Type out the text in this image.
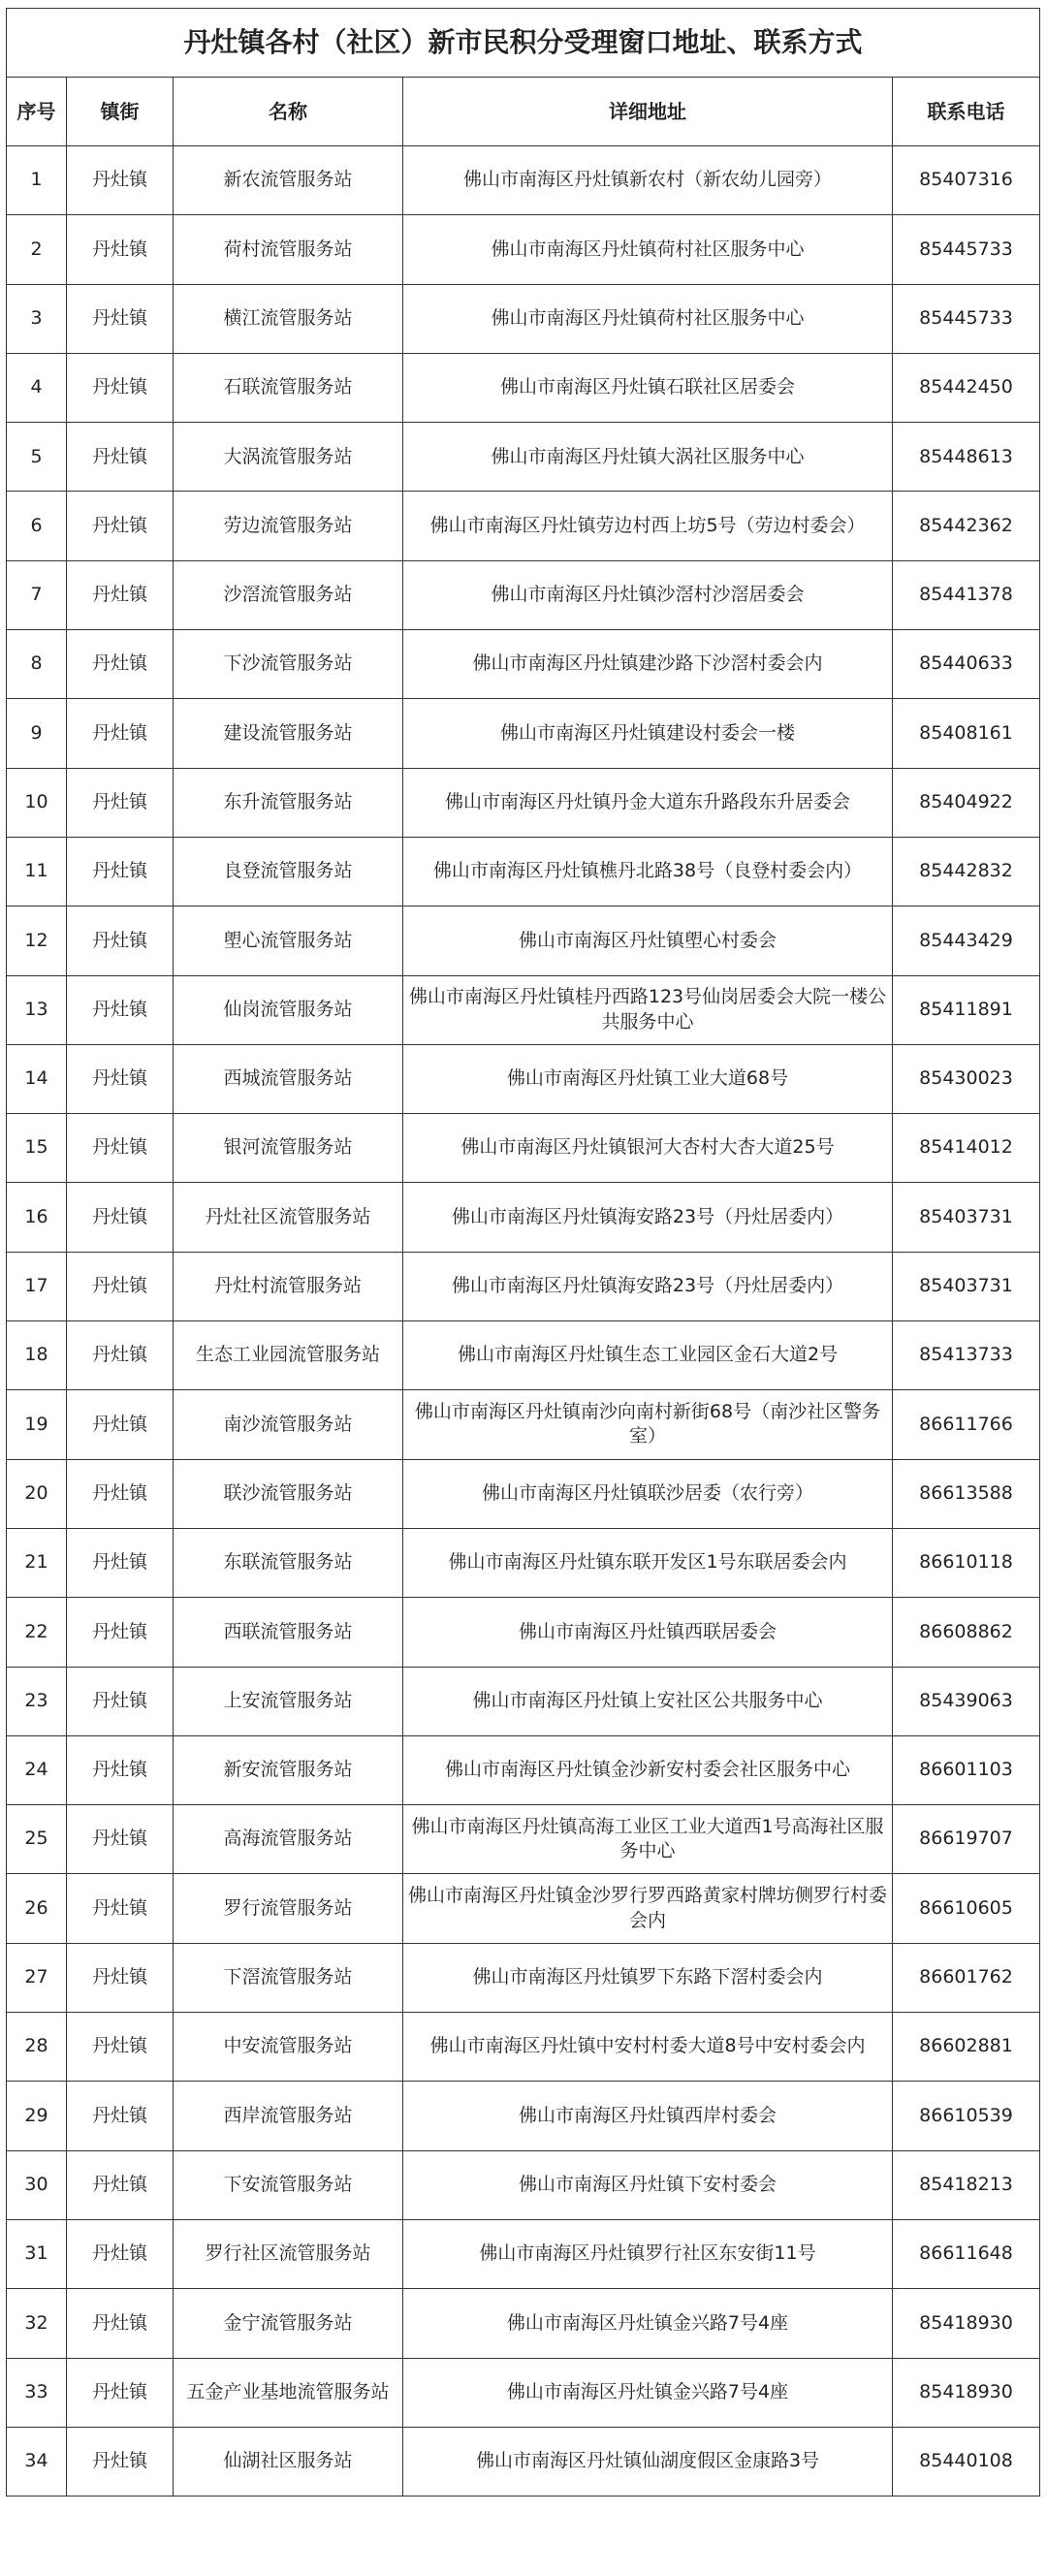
丹灶镇各村（社区）新市民积分受理窗口地址、联系方式				
序号	镇街	名称	详细地址	联系电话
1	丹灶镇	新农流管服务站	佛山市南海区丹灶镇新农村（新农幼儿园旁）	85407316
2	丹灶镇	荷村流管服务站	佛山市南海区丹灶镇荷村社区服务中心	85445733
3	丹灶镇	横江流管服务站	佛山市南海区丹灶镇荷村社区服务中心	85445733
4	丹灶镇	石联流管服务站	佛山市南海区丹灶镇石联社区居委会	85442450
5	丹灶镇	大涡流管服务站	佛山市南海区丹灶镇大涡社区服务中心	85448613
6	丹灶镇	劳边流管服务站	佛山市南海区丹灶镇劳边村西上坊5号（劳边村委会）	85442362
7	丹灶镇	沙滘流管服务站	佛山市南海区丹灶镇沙滘村沙滘居委会	85441378
8	丹灶镇	下沙流管服务站	佛山市南海区丹灶镇建沙路下沙滘村委会内	85440633
9	丹灶镇	建设流管服务站	佛山市南海区丹灶镇建设村委会一楼	85408161
10	丹灶镇	东升流管服务站	佛山市南海区丹灶镇丹金大道东升路段东升居委会	85404922
11	丹灶镇	良登流管服务站	佛山市南海区丹灶镇樵丹北路38号（良登村委会内）	85442832
12	丹灶镇	塱心流管服务站	佛山市南海区丹灶镇塱心村委会	85443429
13	丹灶镇	仙岗流管服务站	佛山市南海区丹灶镇桂丹西路123号仙岗居委会大院一楼公共服务中心	85411891
14	丹灶镇	西城流管服务站	佛山市南海区丹灶镇工业大道68号	85430023
15	丹灶镇	银河流管服务站	佛山市南海区丹灶镇银河大杏村大杏大道25号	85414012
16	丹灶镇	丹灶社区流管服务站	佛山市南海区丹灶镇海安路23号（丹灶居委内）	85403731
17	丹灶镇	丹灶村流管服务站	佛山市南海区丹灶镇海安路23号（丹灶居委内）	85403731
18	丹灶镇	生态工业园流管服务站	佛山市南海区丹灶镇生态工业园区金石大道2号	85413733
19	丹灶镇	南沙流管服务站	佛山市南海区丹灶镇南沙向南村新街68号（南沙社区警务室）	86611766
20	丹灶镇	联沙流管服务站	佛山市南海区丹灶镇联沙居委（农行旁）	86613588
21	丹灶镇	东联流管服务站	佛山市南海区丹灶镇东联开发区1号东联居委会内	86610118
22	丹灶镇	西联流管服务站	佛山市南海区丹灶镇西联居委会	86608862
23	丹灶镇	上安流管服务站	佛山市南海区丹灶镇上安社区公共服务中心	85439063
24	丹灶镇	新安流管服务站	佛山市南海区丹灶镇金沙新安村委会社区服务中心	86601103
25	丹灶镇	高海流管服务站	佛山市南海区丹灶镇高海工业区工业大道西1号高海社区服务中心	86619707
26	丹灶镇	罗行流管服务站	佛山市南海区丹灶镇金沙罗行罗西路黄家村牌坊侧罗行村委会内	86610605
27	丹灶镇	下滘流管服务站	佛山市南海区丹灶镇罗下东路下滘村委会内	86601762
28	丹灶镇	中安流管服务站	佛山市南海区丹灶镇中安村村委大道8号中安村委会内	86602881
29	丹灶镇	西岸流管服务站	佛山市南海区丹灶镇西岸村委会	86610539
30	丹灶镇	下安流管服务站	佛山市南海区丹灶镇下安村委会	85418213
31	丹灶镇	罗行社区流管服务站	佛山市南海区丹灶镇罗行社区东安街11号	86611648
32	丹灶镇	金宁流管服务站	佛山市南海区丹灶镇金兴路7号4座	85418930
33	丹灶镇	五金产业基地流管服务站	佛山市南海区丹灶镇金兴路7号4座	85418930
34	丹灶镇	仙湖社区服务站	佛山市南海区丹灶镇仙湖度假区金康路3号	85440108
